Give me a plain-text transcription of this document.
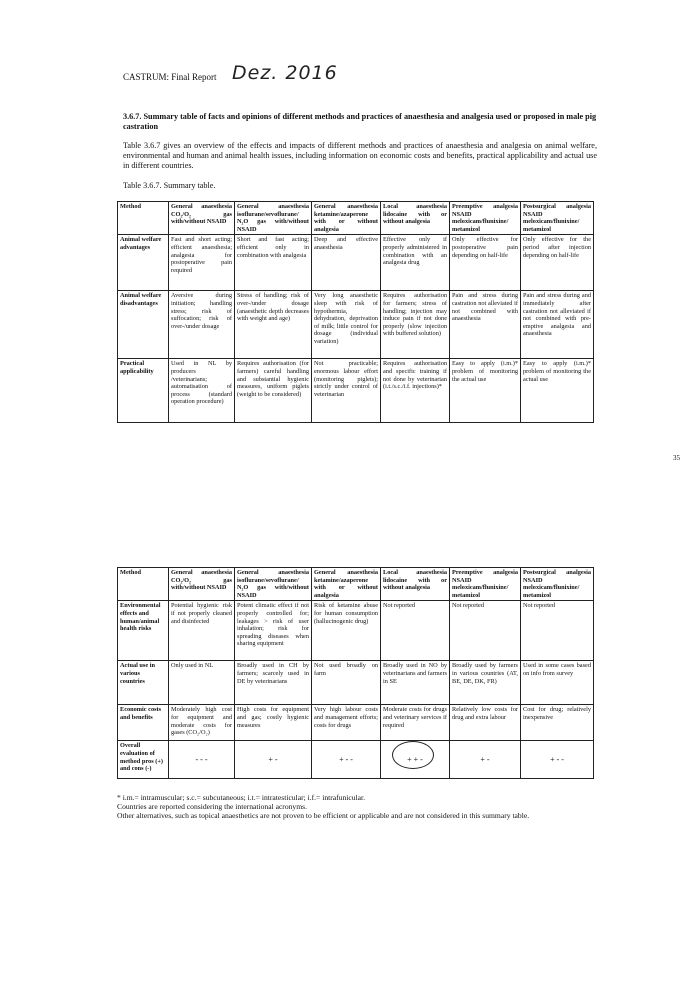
CASTRUM: Final Report Dez. 2016
3.6.7. Summary table of facts and opinions of different methods and practices of anaesthesia and analgesia used or proposed in male pig castration
Table 3.6.7 gives an overview of the effects and impacts of different methods and practices of anaesthesia and analgesia on animal welfare, environmental and human and animal health issues, including information on economic costs and benefits, practical applicability and actual use in different countries.
Table 3.6.7. Summary table.
Method	General anaesthesia CO₂/O₂ gas with/without NSAID	General anaesthesia isoflurane/sevoflurane/ N₂O gas with/without NSAID	General anaesthesia ketamine/azaperone with or without analgesia	Local anaesthesia lidocaine with or without analgesia	Preemptive analgesia NSAID meloxicam/flunixine/ metamizol	Postsurgical analgesia NSAID meloxicam/flunixine/ metamizol
Animal welfare advantages	Fast and short acting; efficient anaesthesia; analgesia for postoperative pain required	Short and fast acting; efficient only in combination with analgesia	Deep and effective anaesthesia	Effective only if properly administered in combination with an analgesia drug	Only effective for postoperative pain depending on half-life	Only effective for the period after injection depending on half-life
Animal welfare disadvantages	Aversive during initiation; handling stress; risk of suffocation; risk of over-/under dosage	Stress of handling; risk of over-/under dosage (anaesthetic depth decreases with weight and age)	Very long anaesthetic sleep with risk of hypothermia, dehydration, deprivation of milk; little control for dosage (individual variation)	Requires authorisation for farmers; stress of handling; injection may induce pain if not done properly (slow injection with buffered solution)	Pain and stress during castration not alleviated if not combined with anaesthesia	Pain and stress during and immediately after castration not alleviated if not combined with pre-emptive analgesia and anaesthesia
Practical applicability	Used in NL by producers /veterinarians; automatisation of process (standard operation procedure)	Requires authorisation (for farmers) careful handling and substantial hygienic measures, uniform piglets (weight to be considered)	Not practicable; enormous labour effort (monitoring piglets); strictly under control of veterinarian	Requires authorisation and specific training if not done by veterinarian (i.t./s.c./i.f. injections)*	Easy to apply (i.m.)* problem of monitoring the actual use	Easy to apply (i.m.)* problem of monitoring the actual use
35
Method	General anaesthesia CO₂/O₂ gas with/without NSAID	General anaesthesia isoflurane/sevoflurane/ N₂O gas with/without NSAID	General anaesthesia ketamine/azaperone with or without analgesia	Local anaesthesia lidocaine with or without analgesia	Preemptive analgesia NSAID meloxicam/flunixine/ metamizol	Postsurgical analgesia NSAID meloxicam/flunixine/ metamizol
Environmental effects and human/animal health risks	Potential hygienic risk if not properly cleaned and disinfected	Potent climatic effect if not properly controlled for; leakages > risk of user inhalation; risk for spreading diseases when sharing equipment	Risk of ketamine abuse for human consumption (hallucinogenic drug)	Not reported	Not reported	Not reported
Actual use in various countries	Only used in NL	Broadly used in CH by farmers; scarcely used in DE by veterinarians	Not used broadly on farm	Broadly used in NO by veterinarians and farmers in SE	Broadly used by farmers in various countries (AT, BE, DE, DK, FR)	Used in some cases based on info from survey
Economic costs and benefits	Moderately high cost for equipment and moderate costs for gases (CO₂/O₂)	High costs for equipment and gas; costly hygienic measures	Very high labour costs and management efforts; costs for drugs	Moderate costs for drugs and veterinary services if required	Relatively low costs for drug and extra labour	Cost for drug; relatively inexpensive
Overall evaluation of method pros (+) and cons (-)	- - -	+ -	+ - -	+ + -	+ -	+ - -

* i.m.= intramuscular; s.c.= subcutaneous; i.t.= intratesticular; i.f.= intrafunicular.

Countries are reported considering the international acronyms.

Other alternatives, such as topical anaesthetics are not proven to be efficient or applicable and are not considered in this summary table.
